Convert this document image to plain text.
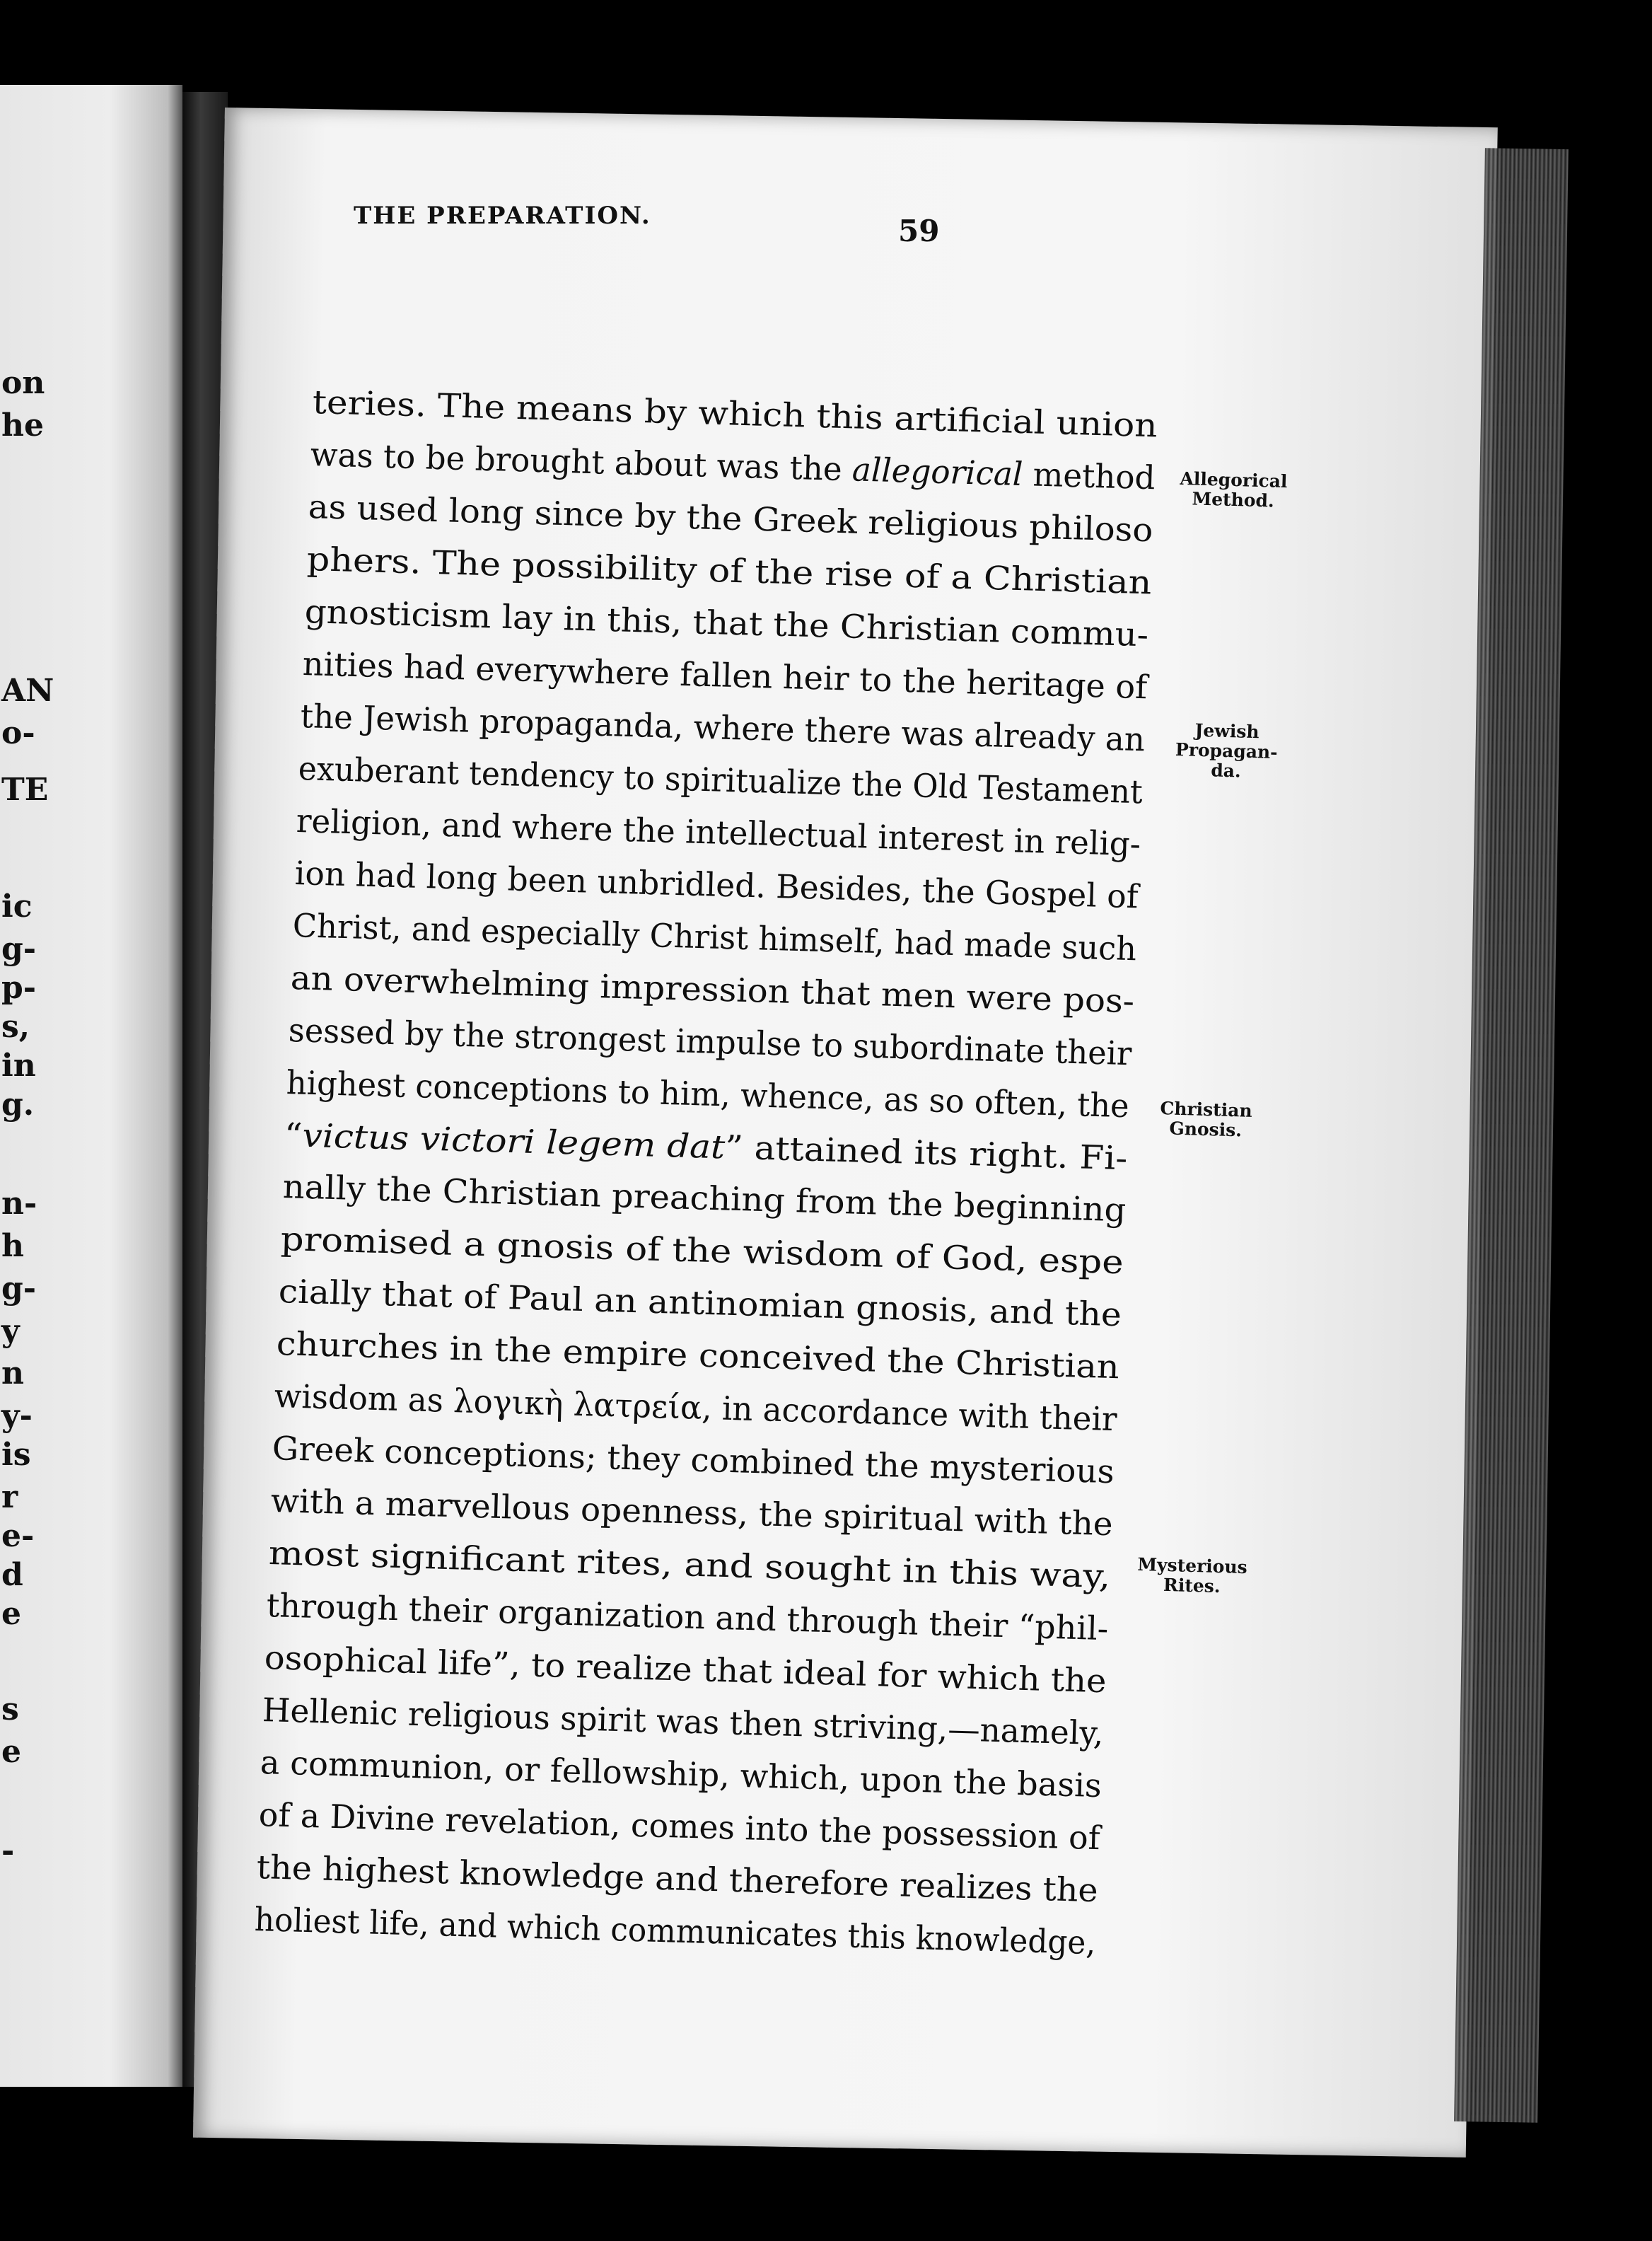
on
he
AN
o-
TE
ic
g-
p-
s,
in
g.
n-
h
g-
y
n
y-
is
r
e-
d
e
s
e
-
THE PREPARATION.	59
teries. The means by which this artificial union
was to be brought about was the allegorical method
as used long since by the Greek religious philoso
phers. The possibility of the rise of a Christian
gnosticism lay in this, that the Christian commu-
nities had everywhere fallen heir to the heritage of
the Jewish propaganda, where there was already an
exuberant tendency to spiritualize the Old Testament
religion, and where the intellectual interest in relig-
ion had long been unbridled. Besides, the Gospel of
Christ, and especially Christ himself, had made such
an overwhelming impression that men were pos-
sessed by the strongest impulse to subordinate their
highest conceptions to him, whence, as so often, the
“victus victori legem dat” attained its right. Fi-
nally the Christian preaching from the beginning
promised a gnosis of the wisdom of God, espe
cially that of Paul an antinomian gnosis, and the
churches in the empire conceived the Christian
wisdom as λογικὴ λατρεία, in accordance with their
Greek conceptions; they combined the mysterious
with a marvellous openness, the spiritual with the
most significant rites, and sought in this way,
through their organization and through their “phil-
osophical life”, to realize that ideal for which the
Hellenic religious spirit was then striving,—namely,
a communion, or fellowship, which, upon the basis
of a Divine revelation, comes into the possession of
the highest knowledge and therefore realizes the
holiest life, and which communicates this knowledge,
Allegorical
Method.
Jewish
Propagan-
da.
Christian
Gnosis.
Mysterious
Rites.
